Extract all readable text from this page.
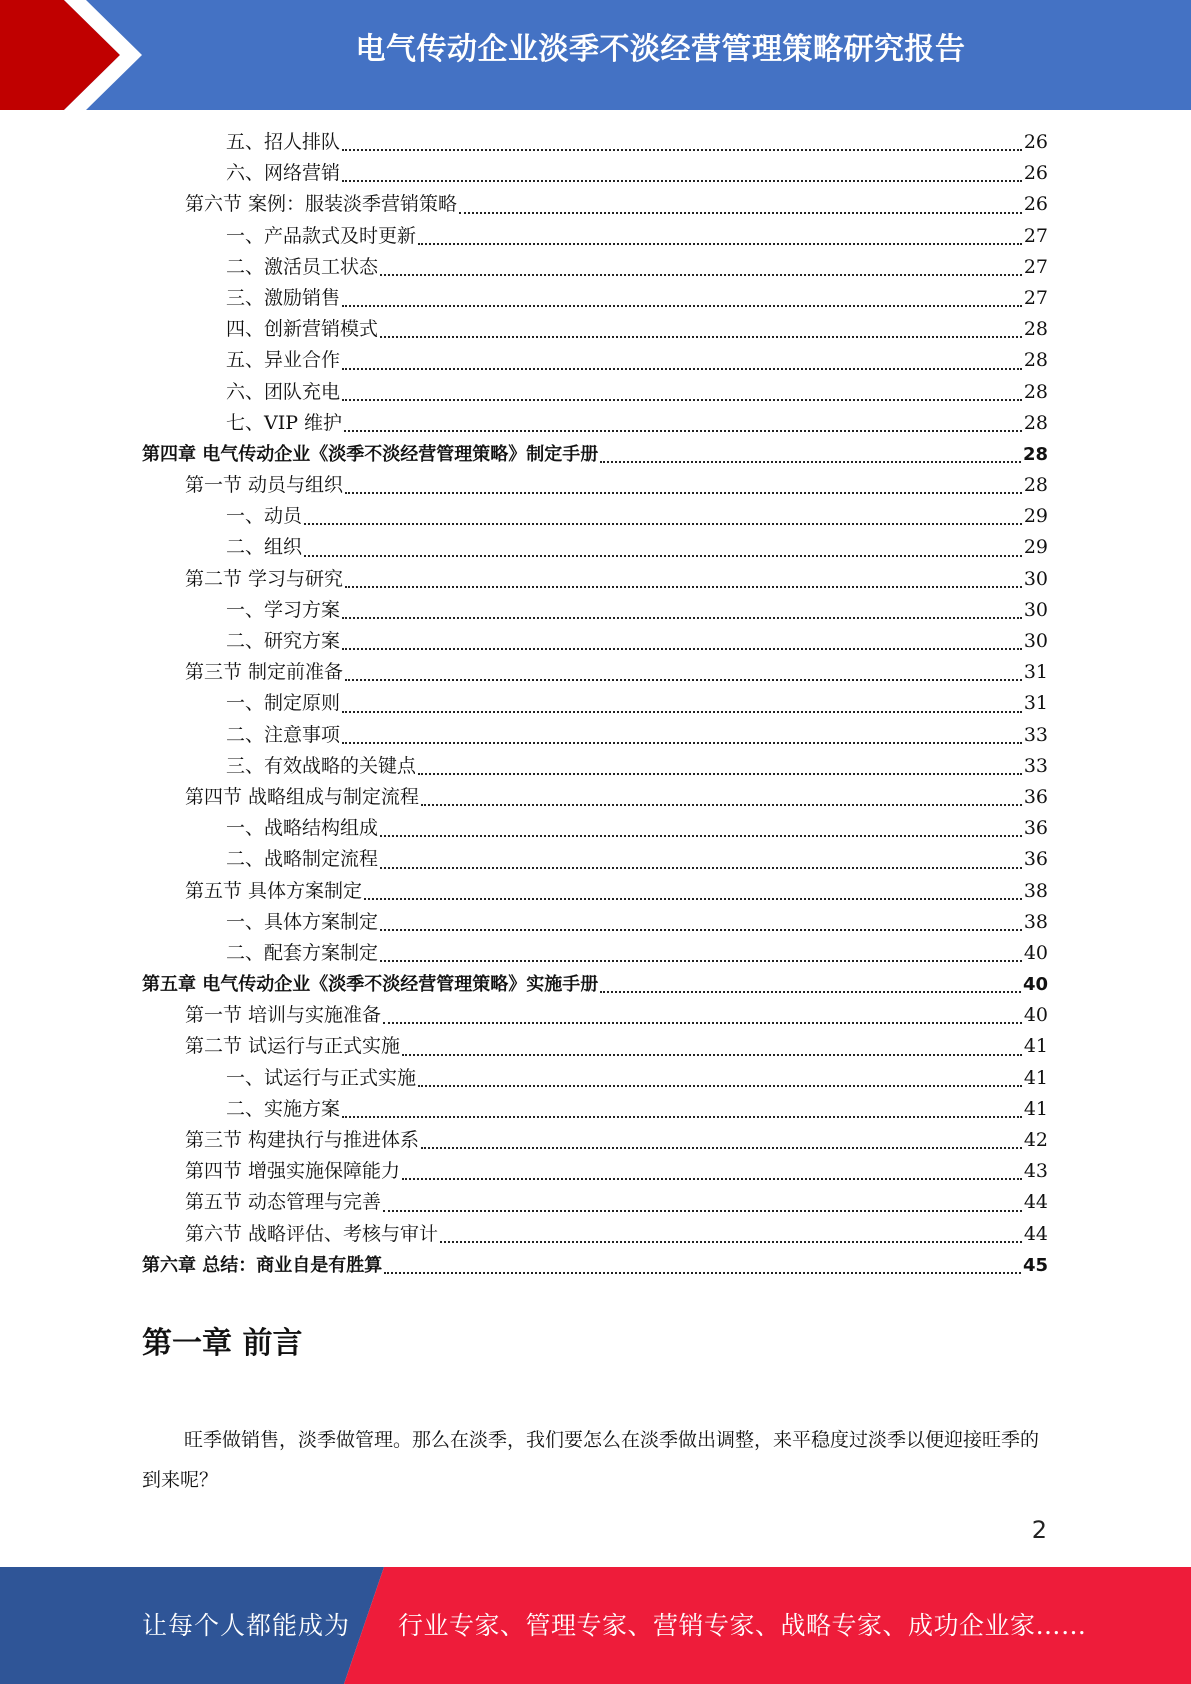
电气传动企业淡季不淡经营管理策略研究报告
五、招人排队	26
六、网络营销	26
第六节 案例：服装淡季营销策略	26
一、产品款式及时更新	27
二、激活员工状态	27
三、激励销售	27
四、创新营销模式	28
五、异业合作	28
六、团队充电	28
七、VIP 维护	28
第四章 电气传动企业《淡季不淡经营管理策略》制定手册	28
第一节 动员与组织	28
一、动员	29
二、组织	29
第二节 学习与研究	30
一、学习方案	30
二、研究方案	30
第三节 制定前准备	31
一、制定原则	31
二、注意事项	33
三、有效战略的关键点	33
第四节 战略组成与制定流程	36
一、战略结构组成	36
二、战略制定流程	36
第五节 具体方案制定	38
一、具体方案制定	38
二、配套方案制定	40
第五章 电气传动企业《淡季不淡经营管理策略》实施手册	40
第一节 培训与实施准备	40
第二节 试运行与正式实施	41
一、试运行与正式实施	41
二、实施方案	41
第三节 构建执行与推进体系	42
第四节 增强实施保障能力	43
第五节 动态管理与完善	44
第六节 战略评估、考核与审计	44
第六章 总结：商业自是有胜算	45
第一章 前言

旺季做销售，淡季做管理。那么在淡季，我们要怎么在淡季做出调整，来平稳度过淡季以便迎接旺季的到来呢？

2
让每个人都能成为 行业专家、管理专家、营销专家、战略专家、成功企业家……
